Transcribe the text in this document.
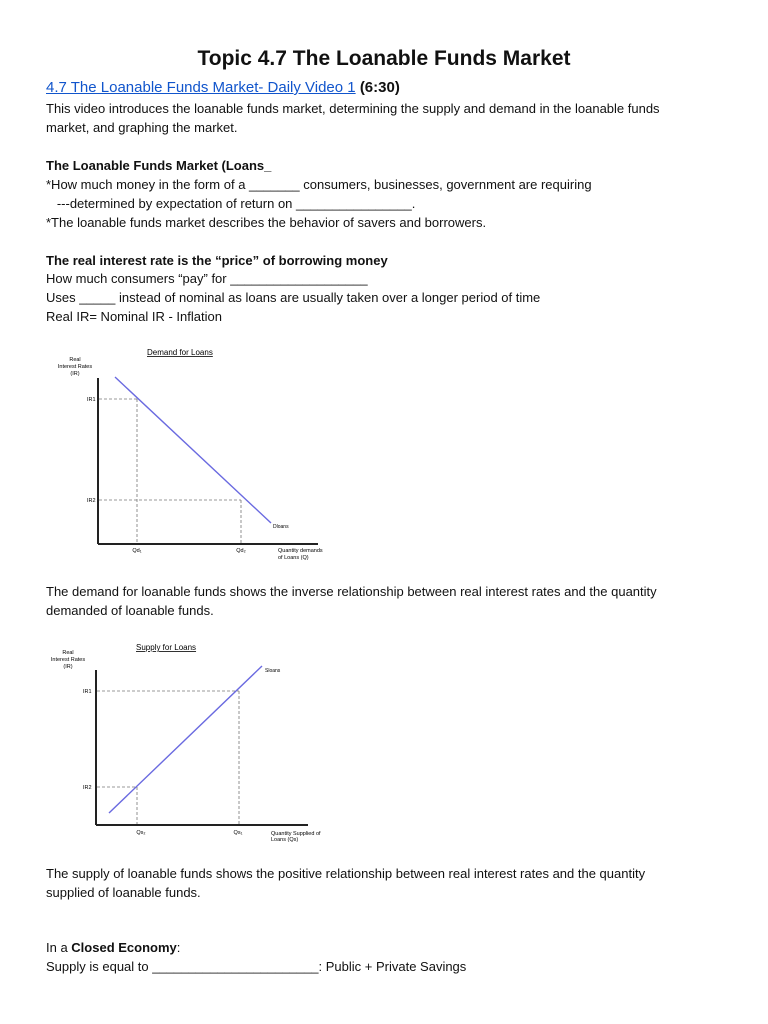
Topic 4.7 The Loanable Funds Market
4.7 The Loanable Funds Market- Daily Video 1 (6:30)
This video introduces the loanable funds market, determining the supply and demand in the loanable funds
market, and graphing the market.
The Loanable Funds Market (Loans_
*How much money in the form of a _______ consumers, businesses, government are requiring
---determined by expectation of return on ________________.
*The loanable funds market describes the behavior of savers and borrowers.
The real interest rate is the “price” of borrowing money
How much consumers “pay” for ___________________
Uses _____ instead of nominal as loans are usually taken over a longer period of time
Real IR= Nominal IR - Inflation
Demand for Loans
Real
Interest Rates
(IR)
IR1
IR2
Qd₁	Qd₂	Quantity demands
of Loans (Q)
Dloans
The demand for loanable funds shows the inverse relationship between real interest rates and the quantity
demanded of loanable funds.
Supply for Loans
Real
Interest Rates
(IR)
IR1
IR2
Qs₂	Qs₁	Quantity Supplied of
Loans (Qs)
Sloans
The supply of loanable funds shows the positive relationship between real interest rates and the quantity
supplied of loanable funds.
In a Closed Economy:
Supply is equal to _______________________: Public + Private Savings
